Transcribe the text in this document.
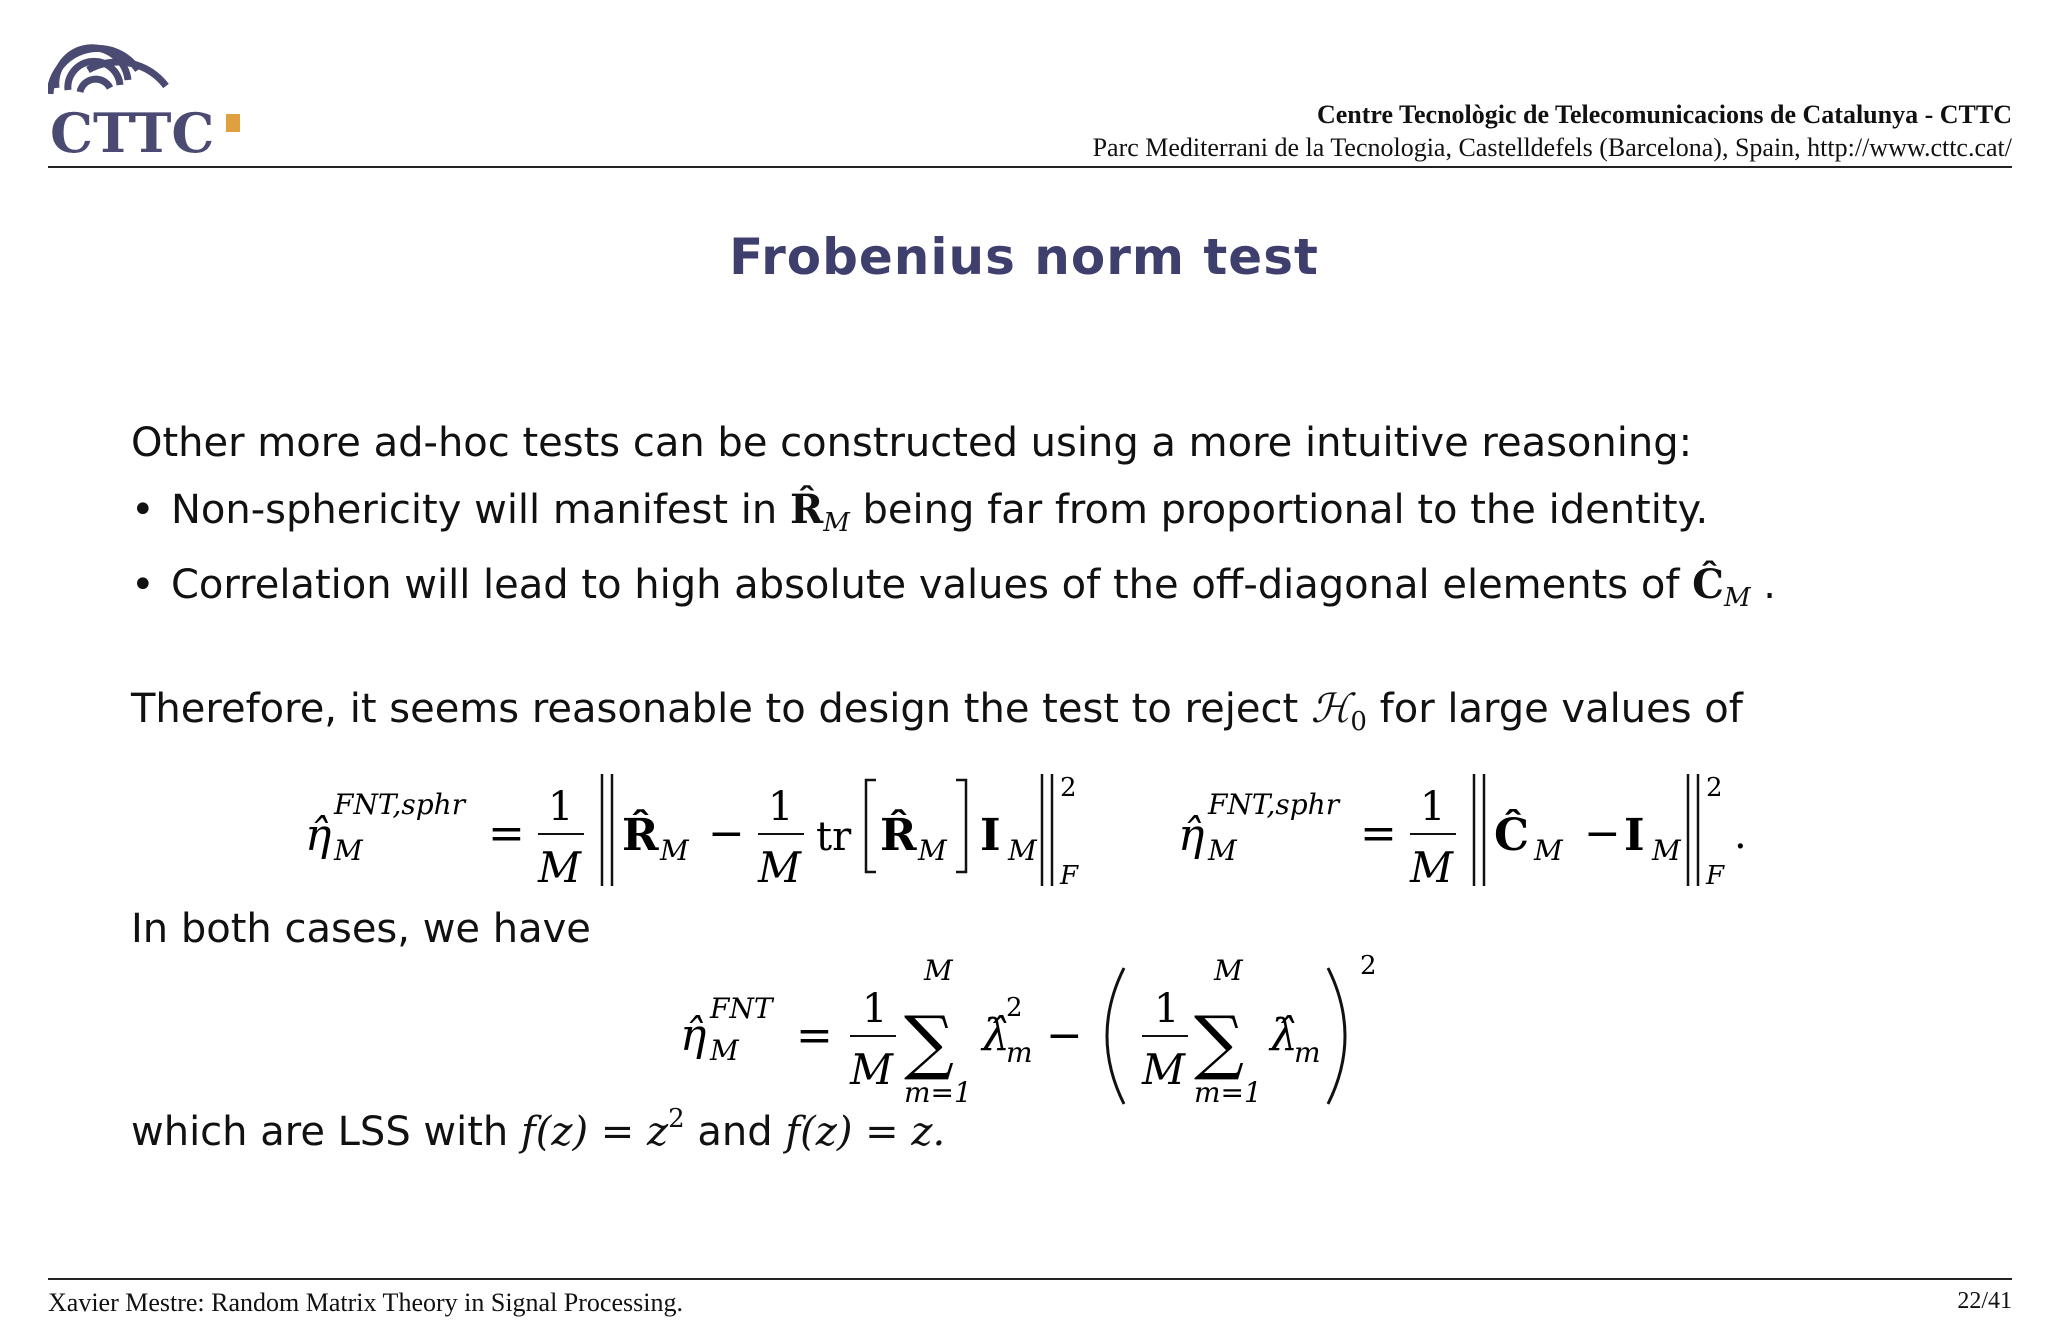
CTTC	Centre Tecnològic de Telecomunicacions de Catalunya - CTTC
Parc Mediterrani de la Tecnologia, Castelldefels (Barcelona), Spain, http://www.cttc.cat/
Frobenius norm test
Other more ad-hoc tests can be constructed using a more intuitive reasoning:
• Non-sphericity will manifest in $R̂_M$ being far from proportional to the identity.
• Correlation will lead to high absolute values of the off-diagonal elements of $Ĉ_M$ .
Therefore, it seems reasonable to design the test to reject ℋ$_0$ for large values of
η̂
FNT,sphr
M	=
1
M
R̂ M −
1
M
tr R̂ M I M
2
F
η̂
FNT,sphr
M	=
1
M
Ĉ M − I M
2
F
.
In both cases, we have
η̂
FNT
M =
1
M
M
∑
m=1
λ̂
2
m −
1
M
M
∑
m=1
λ̂
m
2
which are LSS with $f(z) = z^2$ and f(z) = z.
Xavier Mestre: Random Matrix Theory in Signal Processing.	22/41
